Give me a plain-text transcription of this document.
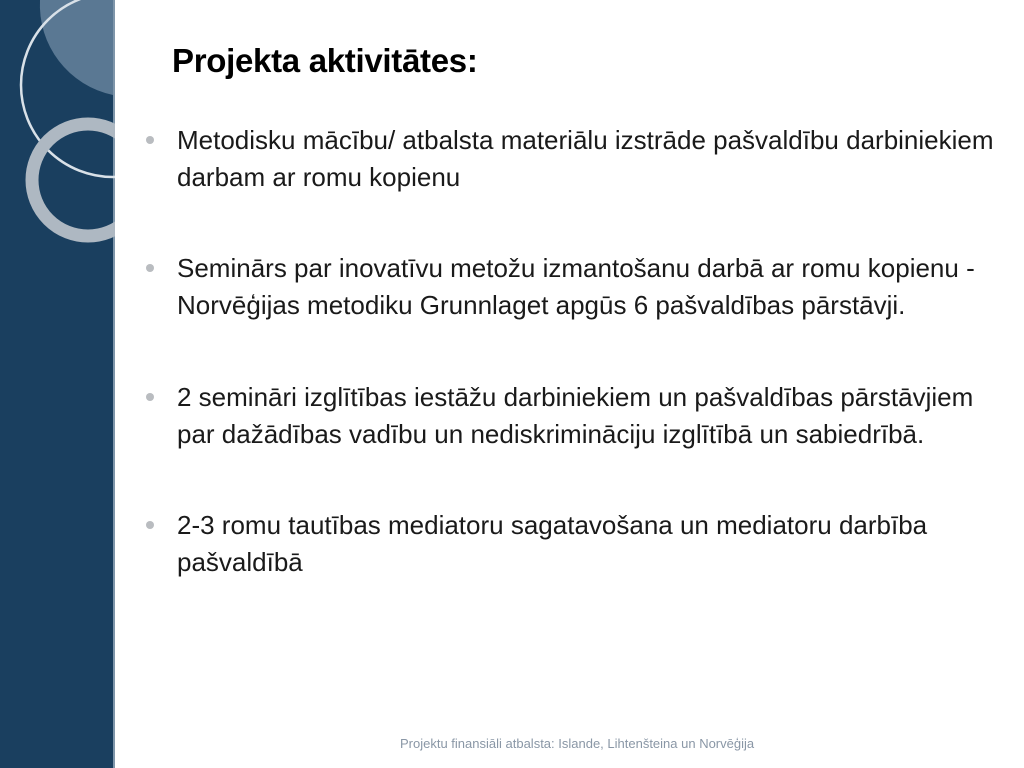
Projekta aktivitātes:
Metodisku mācību/ atbalsta materiālu izstrāde pašvaldību darbiniekiem darbam ar romu kopienu
Seminārs par inovatīvu metožu izmantošanu darbā ar romu kopienu - Norvēģijas metodiku Grunnlaget apgūs 6 pašvaldības pārstāvji.
2 semināri izglītības iestāžu darbiniekiem un pašvaldības pārstāvjiem par dažādības vadību un nediskrimināciju izglītībā un sabiedrībā.
2-3 romu tautības mediatoru sagatavošana un mediatoru darbība pašvaldībā
Projektu finansiāli atbalsta: Islande, Lihtenšteina un Norvēģija
